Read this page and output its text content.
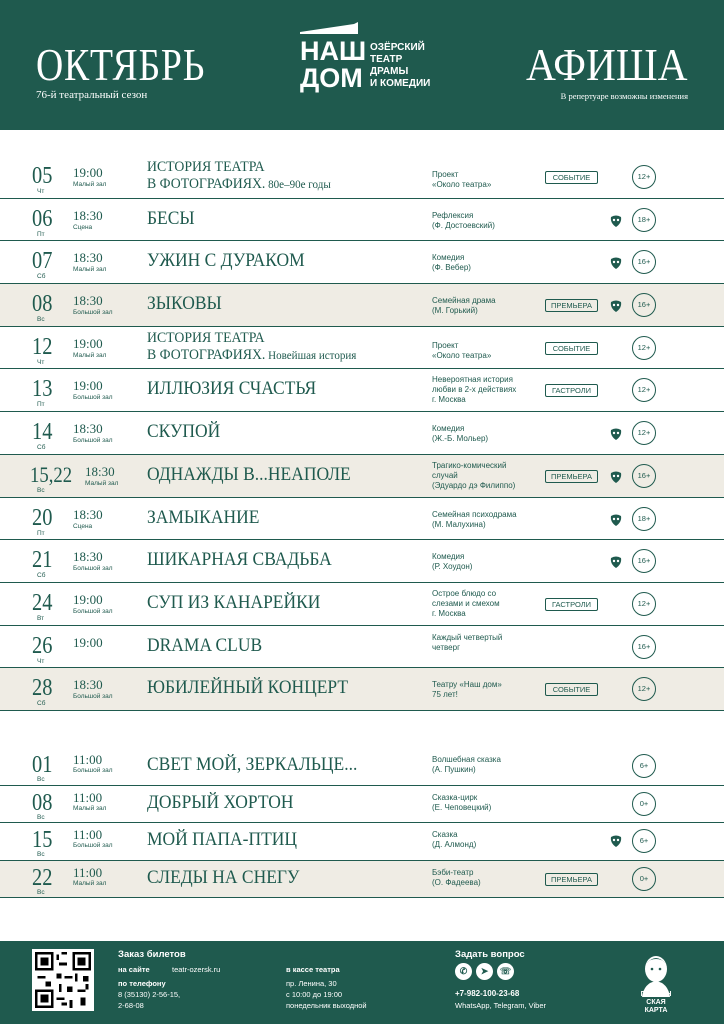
ОКТЯБРЬ
76-й театральный сезон
НАШ
ДОМ
ОЗЁРСКИЙ
ТЕАТР
ДРАМЫ
И КОМЕДИИ	АФИША
В репертуаре возможны изменения
05
Чт
19:00
Малый зал
ИСТОРИЯ ТЕАТРА
В ФОТОГРАФИЯХ. 80е–90е годы
Проект
«Около театра»
СОБЫТИЕ	12+
06
Пт
18:30
Сцена	БЕСЫ	Рефлексия
(Ф. Достоевский)
18+
07
Сб
18:30
Малый зал УЖИН С ДУРАКОМ	Комедия
(Ф. Вебер)
16+
08
Вс
18:30
Большой зал ЗЫКОВЫ	Семейная драма
(М. Горький)
ПРЕМЬЕРА	16+
12
Чт
19:00
Малый зал
ИСТОРИЯ ТЕАТРА
В ФОТОГРАФИЯХ. Новейшая история
Проект
«Около театра»
СОБЫТИЕ	12+
13
Пт
19:00
Большой зал ИЛЛЮЗИЯ СЧАСТЬЯ	Невероятная история
любви в 2-х действиях
г. Москва
ГАСТРОЛИ	12+
14
Сб
18:30
Большой зал СКУПОЙ	Комедия
(Ж.-Б. Мольер)
12+
15,22
Вс
18:30
Малый зал ОДНАЖДЫ В...НЕАПОЛЕ	Трагико-комический
случай
(Эдуардо дэ Филиппо)
ПРЕМЬЕРА	16+
20
Пт
18:30
Сцена	ЗАМЫКАНИЕ	Семейная психодрама
(М. Малухина)
18+
21
Сб
18:30
Большой зал ШИКАРНАЯ СВАДЬБА	Комедия
(Р. Хоудон)
16+
24
Вт
19:00
Большой зал СУП ИЗ КАНАРЕЙКИ	Острое блюдо со
слезами и смехом
г. Москва
ГАСТРОЛИ	12+
26
Чт
19:00 DRAMA CLUB	Каждый четвертый
четверг	16+
28
Сб
18:30
Большой зал ЮБИЛЕЙНЫЙ КОНЦЕРТ	Театру «Наш дом»
75 лет!
СОБЫТИЕ	12+
01
Вс
11:00
Большой зал СВЕТ МОЙ, ЗЕРКАЛЬЦЕ...	Волшебная сказка
(А. Пушкин)	6+
08
Вс
11:00
Малый зал ДОБРЫЙ ХОРТОН	Сказка-цирк
(Е. Чеповецкий)	0+
15
Вс
11:00
Большой зал МОЙ ПАПА-ПТИЦ	Сказка
(Д. Алмонд)	6+
22
Вс
11:00
Малый зал СЛЕДЫ НА СНЕГУ	Бэби-театр
(О. Фадеева)	ПРЕМЬЕРА	0+
Заказ билетов
на сайте	teatr-ozersk.ru
по телефону
8 (35130) 2-56-15,
2-68-08
в кассе театра
пр. Ленина, 30
с 10:00 до 19:00
понедельник выходной
Задать вопрос
✆	➤	☏
+7-982-100-23-68
WhatsApp, Telegram, Viber
ПУШКИН
СКАЯ
КАРТА
